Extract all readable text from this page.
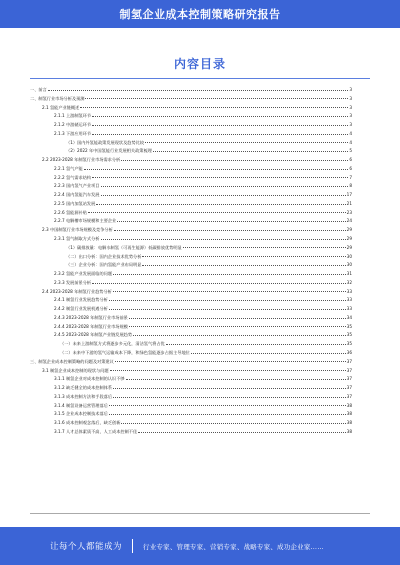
制氢企业成本控制策略研究报告
内容目录
一、前言	3
二、制氢行业市场分析及预测	3
2.1 氢能产业链概述	3
2.1.1 上游制氢环节	3
2.1.2 中游储运环节	3
2.1.3 下游应用环节	4
（1）国内外氢能政策发展现状及趋势比较	4
（2）2022 年中国氢能行业发展相关政策梳理	5
2.2 2023-2028 年制氢行业市场需求分析	6
2.2.1 氢气产能	6
2.2.2 氢气需求结构	7
2.2.3 国内氢气产业项目	8
2.2.4 国内氢能汽车发展	17
2.2.5 国内加氢站发展	21
2.2.6 氢能源补贴	23
2.2.7 电解槽市场规模和主要企业	24
2.3 中国制氢行业市场规模及竞争分析	29
2.3.1 氢气制取方式分析	29
（1）碳排放量：电解水制氢（可再生能源）低碳排放优势明显	29
（二）出口分析：国内企业技术优势分析	30
（三）企业分析：国内氢能产业布局明显	30
2.3.2 氢能产业发展面临的问题	31
2.3.3 发展前景分析	32
2.4 2023-2028 年制氢行业趋势分析	33
2.4.1 制氢行业发展趋势分析	33
2.4.2 制氢行业发展机遇分析	33
2.4.3 2023-2028 年制氢行业市场前景	34
2.4.4 2023-2028 年制氢行业市场规模	35
2.4.5 2023-2028 年制氢产业链发展趋势	35
（一）未来上游制氢方式将逐步多元化，清洁氢气将占优	35
（二）未来中下游的氢气运输成本下降，和绿色氢能逐步占据主导地位	36
三、制氢企业成本控制策略的问题及对策建议	37
3.1 制氢企业成本控制的现状与问题	37
3.1.1 制氢企业对成本控制的认识不够	37
3.1.2 缺乏健全的成本控制体系	37
3.1.3 成本控制方法和手段落后	37
3.1.4 制氢设备运营管理落后	38
3.1.5 企业成本控制技术落后	38
3.1.6 成本控制观念落后，缺乏创新	38
3.1.7 人才总体素质不高，人工成本控制不佳	38
让每个人都能成为	行业专家、管理专家、营销专家、战略专家、成功企业家……
